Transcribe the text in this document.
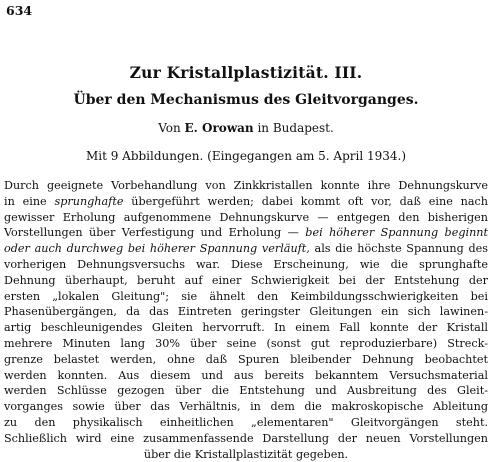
634
Zur Kristallplastizität. III.
Über den Mechanismus des Gleitvorganges.
Von E. Orowan in Budapest.
Mit 9 Abbildungen. (Eingegangen am 5. April 1934.)
Durch geeignete Vorbehandlung von Zinkkristallen konnte ihre Dehnungskurve
in eine sprunghafte übergeführt werden; dabei kommt oft vor, daß eine nach
gewisser Erholung aufgenommene Dehnungskurve — entgegen den bisherigen
Vorstellungen über Verfestigung und Erholung — bei höherer Spannung beginnt
oder auch durchweg bei höherer Spannung verläuft, als die höchste Spannung des
vorherigen Dehnungsversuchs war. Diese Erscheinung, wie die sprunghafte
Dehnung überhaupt, beruht auf einer Schwierigkeit bei der Entstehung der
ersten „lokalen Gleitung"; sie ähnelt den Keimbildungsschwierigkeiten bei
Phasenübergängen, da das Eintreten geringster Gleitungen ein sich lawinen-
artig beschleunigendes Gleiten hervorruft. In einem Fall konnte der Kristall
mehrere Minuten lang 30% über seine (sonst gut reproduzierbare) Streck-
grenze belastet werden, ohne daß Spuren bleibender Dehnung beobachtet
werden konnten. Aus diesem und aus bereits bekanntem Versuchsmaterial
werden Schlüsse gezogen über die Entstehung und Ausbreitung des Gleit-
vorganges sowie über das Verhältnis, in dem die makroskopische Ableitung
zu den physikalisch einheitlichen „elementaren" Gleitvorgängen steht.
Schließlich wird eine zusammenfassende Darstellung der neuen Vorstellungen
über die Kristallplastizität gegeben.
